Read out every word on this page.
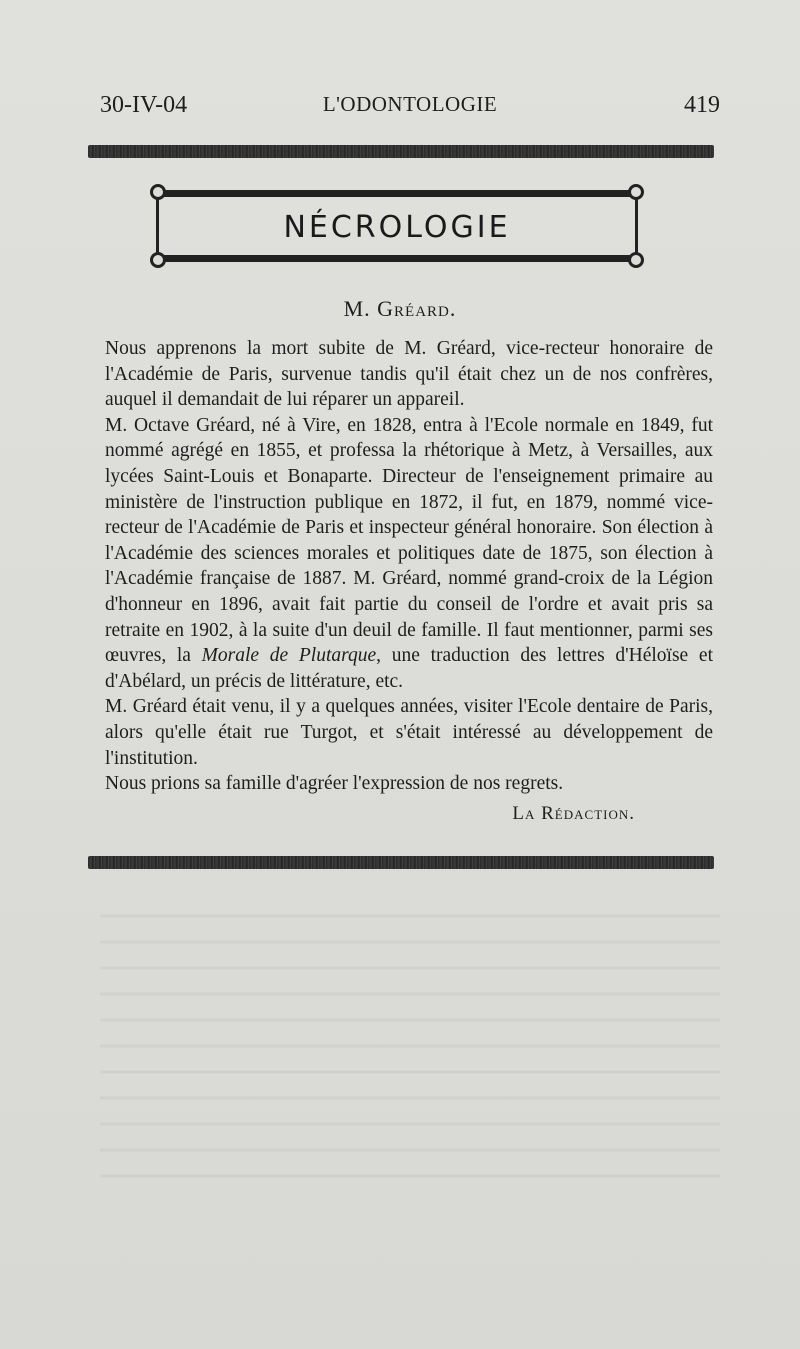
30-IV-04	L'ODONTOLOGIE	419
NÉCROLOGIE
M. Gréard.

Nous apprenons la mort subite de M. Gréard, vice-recteur honoraire de l'Académie de Paris, survenue tandis qu'il était chez un de nos confrères, auquel il demandait de lui réparer un appareil.

M. Octave Gréard, né à Vire, en 1828, entra à l'Ecole normale en 1849, fut nommé agrégé en 1855, et professa la rhétorique à Metz, à Versailles, aux lycées Saint-Louis et Bonaparte. Directeur de l'enseignement primaire au ministère de l'instruction publique en 1872, il fut, en 1879, nommé vice-recteur de l'Académie de Paris et inspecteur général honoraire. Son élection à l'Académie des sciences morales et politiques date de 1875, son élection à l'Académie française de 1887. M. Gréard, nommé grand-croix de la Légion d'honneur en 1896, avait fait partie du conseil de l'ordre et avait pris sa retraite en 1902, à la suite d'un deuil de famille. Il faut mentionner, parmi ses œuvres, la Morale de Plutarque, une traduction des lettres d'Héloïse et d'Abélard, un précis de littérature, etc.

M. Gréard était venu, il y a quelques années, visiter l'Ecole dentaire de Paris, alors qu'elle était rue Turgot, et s'était intéressé au développement de l'institution.

Nous prions sa famille d'agréer l'expression de nos regrets.

La Rédaction.
